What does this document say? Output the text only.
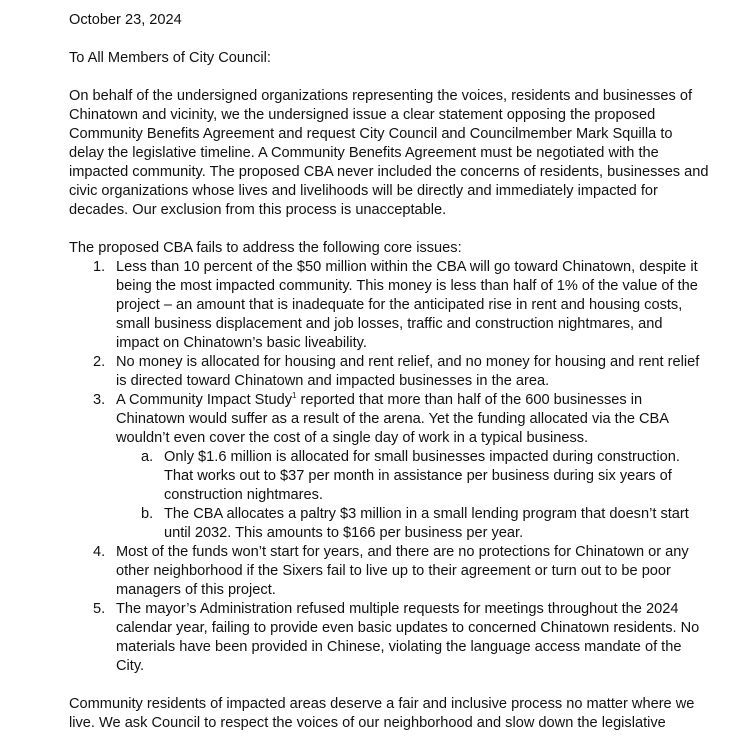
October 23, 2024

To All Members of City Council:

On behalf of the undersigned organizations representing the voices, residents and businesses of Chinatown and vicinity, we the undersigned issue a clear statement opposing the proposed Community Benefits Agreement and request City Council and Councilmember Mark Squilla to delay the legislative timeline. A Community Benefits Agreement must be negotiated with the impacted community. The proposed CBA never included the concerns of residents, businesses and civic organizations whose lives and livelihoods will be directly and immediately impacted for decades. Our exclusion from this process is unacceptable.

The proposed CBA fails to address the following core issues:

1. Less than 10 percent of the $50 million within the CBA will go toward Chinatown, despite it being the most impacted community. This money is less than half of 1% of the value of the project – an amount that is inadequate for the anticipated rise in rent and housing costs, small business displacement and job losses, traffic and construction nightmares, and impact on Chinatown’s basic liveability.
2. No money is allocated for housing and rent relief, and no money for housing and rent relief is directed toward Chinatown and impacted businesses in the area.
3. A Community Impact Study$^1$ reported that more than half of the 600 businesses in Chinatown would suffer as a result of the arena. Yet the funding allocated via the CBA wouldn’t even cover the cost of a single day of work in a typical business.
a. Only $1.6 million is allocated for small businesses impacted during construction. That works out to $37 per month in assistance per business during six years of construction nightmares.
b. The CBA allocates a paltry $3 million in a small lending program that doesn’t start until 2032. This amounts to $166 per business per year.
4. Most of the funds won’t start for years, and there are no protections for Chinatown or any other neighborhood if the Sixers fail to live up to their agreement or turn out to be poor managers of this project.
5. The mayor’s Administration refused multiple requests for meetings throughout the 2024 calendar year, failing to provide even basic updates to concerned Chinatown residents. No materials have been provided in Chinese, violating the language access mandate of the City.

Community residents of impacted areas deserve a fair and inclusive process no matter where we live. We ask Council to respect the voices of our neighborhood and slow down the legislative
